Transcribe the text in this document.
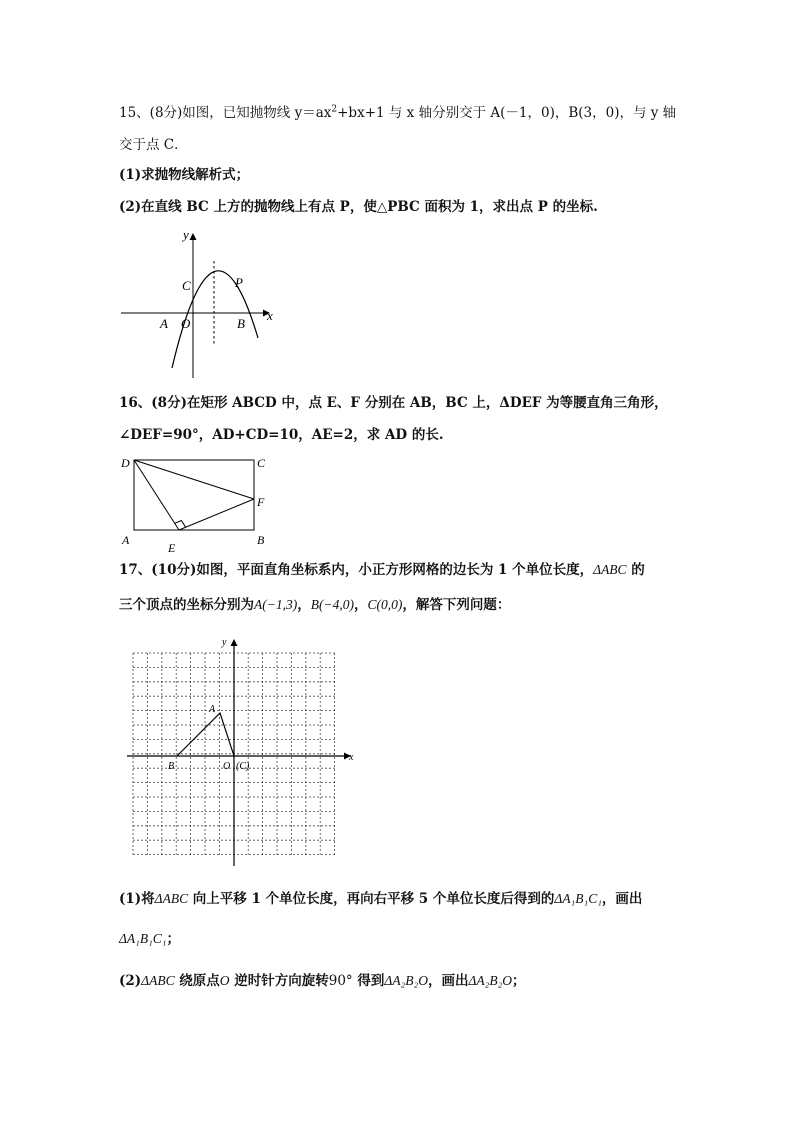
15、(8分)如图，已知抛物线 $y=ax^2+bx+1$ 与 x 轴分别交于 A(－1，0)，B(3，0)，与 y 轴
交于点 C．
(1)求抛物线解析式；
(2)在直线 BC 上方的抛物线上有点 P，使△PBC 面积为 1，求出点 P 的坐标.
y
x
C	P
A O	B
16、(8分)在矩形 ABCD 中，点 E、F 分别在 AB，BC 上，ΔDEF 为等腰直角三角形，
∠DEF=90°，AD+CD=10，AE=2，求 AD 的长.
D	C
F
A
E
B
17、(10分)如图，平面直角坐标系内，小正方形网格的边长为 1 个单位长度，ΔABC 的
三个顶点的坐标分别为A(−1,3)，B(−4,0)，C(0,0)，解答下列问题：
y
x
A
B	O (C)
(1)将ΔABC 向上平移 1 个单位长度，再向右平移 5 个单位长度后得到的ΔA₁B₁C₁，画出
ΔA₁B₁C₁；
(2)ΔABC 绕原点O 逆时针方向旋转90° 得到ΔA₂B₂O，画出ΔA₂B₂O；
